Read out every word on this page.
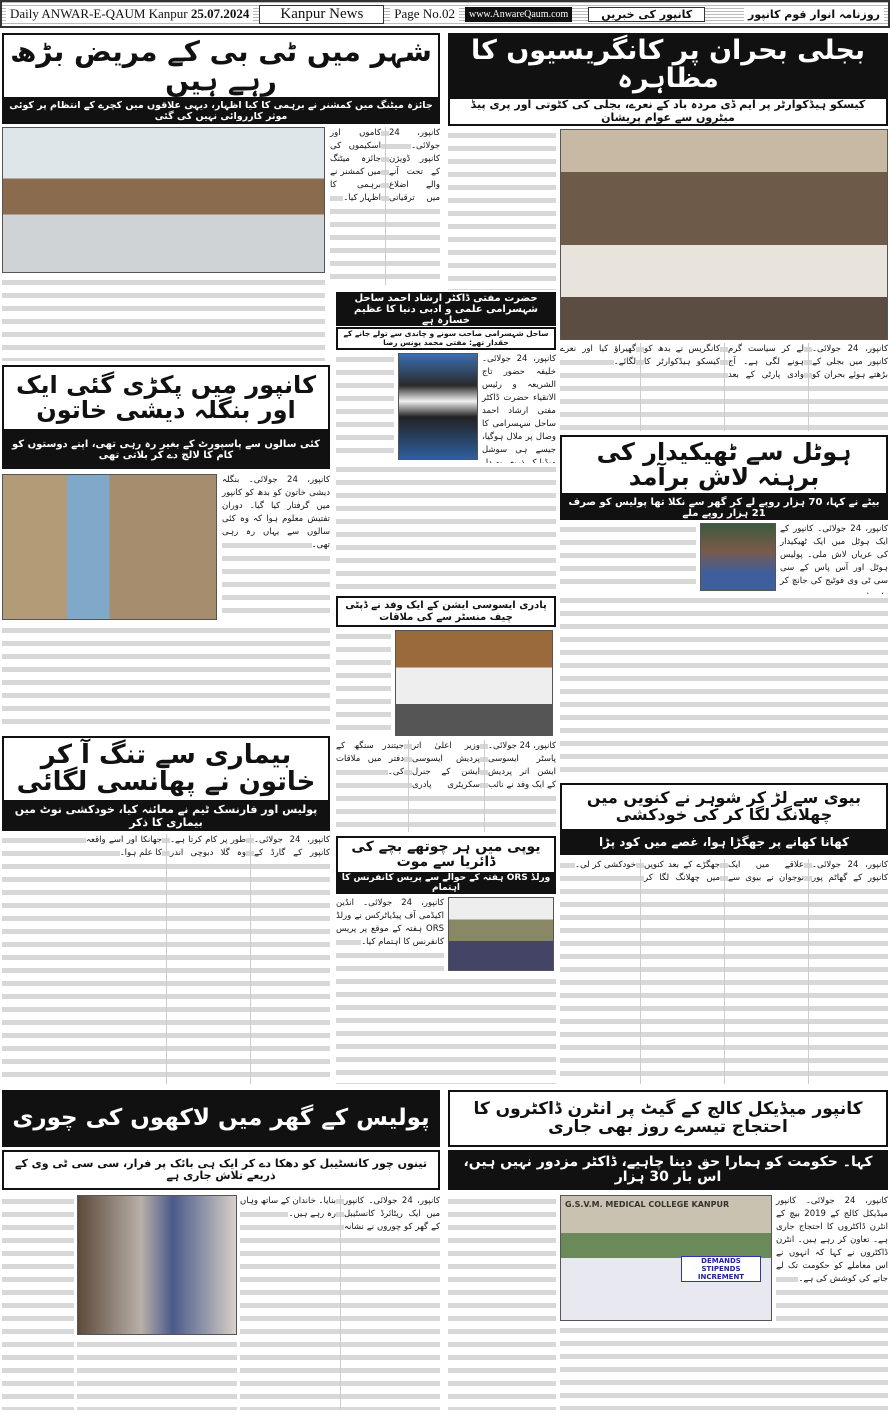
Daily ANWAR-E-QAUM Kanpur 25.07.2024	Kanpur News	Page No.02	www.AnwareQaum.com	کانپور کی خبریں	روزنامہ انوار قوم کانپور
شہر میں ٹی بی کے مریض بڑھ رہے ہیں
جائزہ میٹنگ میں کمشنر نے برہمی کا کیا اظہار، دیہی علاقوں میں کچرے کے انتظام پر کوئی موثر کارروائی نہیں کی گئی
کانپور، 24 جولائی۔ کانپور ڈویژن کے تحت آنے والے اضلاع میں ترقیاتی کاموں اور اسکیموں کی جائزہ میٹنگ میں کمشنر نے برہمی کا اظہار کیا۔
بجلی بحران پر کانگریسیوں کا مظاہرہ
کیسکو ہیڈکوارٹر پر ایم ڈی مردہ باد کے نعرے، بجلی کی کٹوتی اور پری پیڈ میٹروں سے عوام پریشان
کانپور، 24 جولائی۔ کانپور میں بجلی کے بڑھتے ہوئے بحران کو لے کر سیاست گرم ہونے لگی ہے۔ آج وادی پارٹی کے بعد کانگریس نے بدھ کو کیسکو ہیڈکوارٹر کا گھیراؤ کیا اور نعرے لگائے۔
حضرت مفتی ڈاکٹر ارشاد احمد ساحل شہسرامی علمی و ادبی دنیا کا عظیم خسارہ ہے
ساحل شہسرامی صاحب سونے و چاندی سے تولے جانے کے حقدار تھے: مفتی محمد یونس رضا
کانپور، 24 جولائی۔ خلیفہ حضور تاج الشریعہ و رئیس الاتقیاء حضرت ڈاکٹر مفتی ارشاد احمد ساحل سہسرامی کا وصال پر ملال ہوگیا، جیسے ہی سوشل
کانپور میں پکڑی گئی ایک اور بنگلہ دیشی خاتون
کئی سالوں سے پاسپورٹ کے بغیر رہ رہی تھی، اپنے دوستوں کو کام کا لالچ دے کر بلاتی تھی
کانپور، 24 جولائی۔ بنگلہ دیشی خاتون کو بدھ کو کانپور میں گرفتار کیا گیا۔ دوران تفتیش معلوم ہوا کہ وہ کئی سالوں سے یہاں رہ رہی تھی۔
پادری ایسوسی ایشن کے ایک وفد نے ڈپٹی چیف منسٹر سے کی ملاقات
کانپور، 24 جولائی۔ پاسٹر ایسوسی ایشن اتر پردیش کے ایک وفد نے نائب وزیر اعلیٰ اتر پردیش ایسوسی ایشن کے جنرل سکریٹری پادری جیتندر سنگھ کے دفتر میں ملاقات کی۔
ہوٹل سے ٹھیکیدار کی برہنہ لاش برآمد
بیٹے نے کہا، 70 ہزار روپے لے کر گھر سے نکلا تھا پولیس کو صرف 21 ہزار روپے ملے
کانپور، 24 جولائی۔ کانپور کے ایک ہوٹل میں ایک ٹھیکیدار کی عریاں لاش ملی۔ پولیس ہوٹل اور آس پاس کے سی سی ٹی وی فوٹیج کی جانچ کر
بیماری سے تنگ آ کر خاتون نے پھانسی لگائی
پولیس اور فارنسک ٹیم نے معائنہ کیا، خودکشی نوٹ میں بیماری کا ذکر
کانپور، 24 جولائی۔ کانپور کے گارڈ کے طور پر کام کرتا ہے۔ وہ گلا دبوچی اندر جھانکا اور اسے واقعہ کا علم ہوا۔	یوپی میں ہر چوتھے بچے کی ڈائریا سے موت
ورلڈ ORS ہفتہ کے حوالے سے پریس کانفرنس کا اہتمام
کانپور، 24 جولائی۔ انڈین اکیڈمی آف پیڈیاٹرکس نے ورلڈ ORS ہفتہ کے موقع پر پریس کانفرنس کا اہتمام کیا۔
بیوی سے لڑ کر شوہر نے کنویں میں چھلانگ لگا کر کی خودکشی
کھانا کھانے پر جھگڑا ہوا، غصے میں کود پڑا
کانپور، 24 جولائی۔ کانپور کے گھاٹم پور علاقے میں ایک نوجوان نے بیوی سے جھگڑے کے بعد کنویں میں چھلانگ لگا کر خودکشی کر لی۔
پولیس کے گھر میں لاکھوں کی چوری
تینوں چور کانسٹیبل کو دھکا دے کر ایک ہی بائک پر فرار، سی سی ٹی وی کے ذریعے تلاش جاری ہے
کانپور، 24 جولائی۔ کانپور میں ایک ریٹائرڈ کانسٹیبل کے گھر کو چوروں نے نشانہ بنایا۔ خاندان کے ساتھ وہاں رہ رہے ہیں۔
کانپور میڈیکل کالج کے گیٹ پر انٹرن ڈاکٹروں کا احتجاج تیسرے روز بھی جاری
کہا۔ حکومت کو ہمارا حق دینا چاہیے، ڈاکٹر مزدور نہیں ہیں، اس بار 30 ہزار
G.S.V.M. MEDICAL COLLEGE KANPUR
DEMANDS STIPENDS INCREMENT
کانپور، 24 جولائی۔ کانپور میڈیکل کالج کے 2019 بیچ کے انٹرن ڈاکٹروں کا احتجاج جاری ہے۔ تعاون کر رہے ہیں۔ انٹرن ڈاکٹروں نے کہا کہ انہوں نے اس معاملے کو حکومت تک لے جانے کی کوشش کی ہے۔
